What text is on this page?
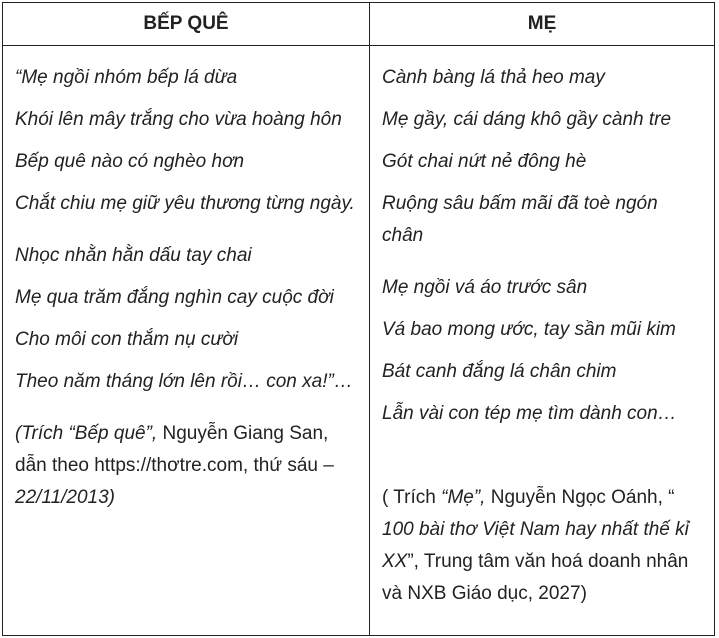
BẾP QUÊ
“Mẹ ngồi nhóm bếp lá dừa
Khói lên mây trắng cho vừa hoàng hôn
Bếp quê nào có nghèo hơn
Chắt chiu mẹ giữ yêu thương từng ngày.
Nhọc nhằn hằn dấu tay chai
Mẹ qua trăm đắng nghìn cay cuộc đời
Cho môi con thắm nụ cười
Theo năm tháng lớn lên rồi… con xa!”…
(Trích “Bếp quê”, Nguyễn Giang San, dẫn theo https://thơtre.com, thứ sáu – 22/11/2013)
MẸ
Cành bàng lá thả heo may
Mẹ gầy, cái dáng khô gầy cành tre
Gót chai nứt nẻ đông hè
Ruộng sâu bấm mãi đã toè ngón chân
Mẹ ngồi vá áo trước sân
Vá bao mong ước, tay sần mũi kim
Bát canh đắng lá chân chim
Lẫn vài con tép mẹ tìm dành con…
( Trích “Mẹ”, Nguyễn Ngọc Oánh, “ 100 bài thơ Việt Nam hay nhất thế kỉ XX”, Trung tâm văn hoá doanh nhân và NXB Giáo dục, 2027)
